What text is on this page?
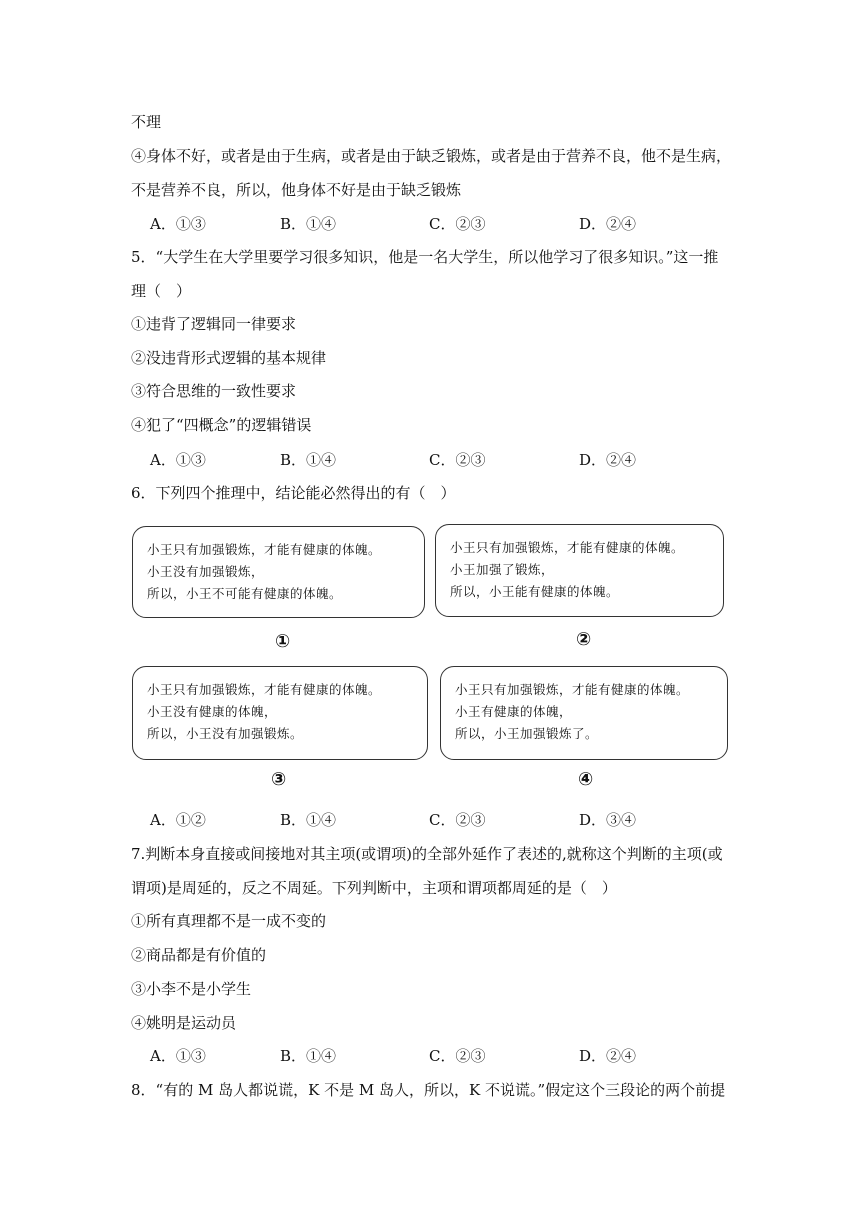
不理
④身体不好，或者是由于生病，或者是由于缺乏锻炼，或者是由于营养不良，他不是生病，
不是营养不良，所以，他身体不好是由于缺乏锻炼
A．①③	B．①④	C．②③	D．②④
5．“大学生在大学里要学习很多知识，他是一名大学生，所以他学习了很多知识。”这一推
理（　）
①违背了逻辑同一律要求
②没违背形式逻辑的基本规律
③符合思维的一致性要求
④犯了“四概念”的逻辑错误
A．①③	B．①④	C．②③	D．②④
6．下列四个推理中，结论能必然得出的有（　）
小王只有加强锻炼，才能有健康的体魄。
小王没有加强锻炼，
所以，小王不可能有健康的体魄。
①
小王只有加强锻炼，才能有健康的体魄。
小王加强了锻炼，
所以，小王能有健康的体魄。
②
小王只有加强锻炼，才能有健康的体魄。
小王没有健康的体魄，
所以，小王没有加强锻炼。
③
小王只有加强锻炼，才能有健康的体魄。
小王有健康的体魄，
所以，小王加强锻炼了。
④
A．①②	B．①④	C．②③	D．③④
7.判断本身直接或间接地对其主项(或谓项)的全部外延作了表述的,就称这个判断的主项(或
谓项)是周延的，反之不周延。下列判断中，主项和谓项都周延的是（　）
①所有真理都不是一成不变的
②商品都是有价值的
③小李不是小学生
④姚明是运动员
A．①③	B．①④	C．②③	D．②④
8．“有的 M 岛人都说谎，K 不是 M 岛人，所以，K 不说谎。”假定这个三段论的两个前提
